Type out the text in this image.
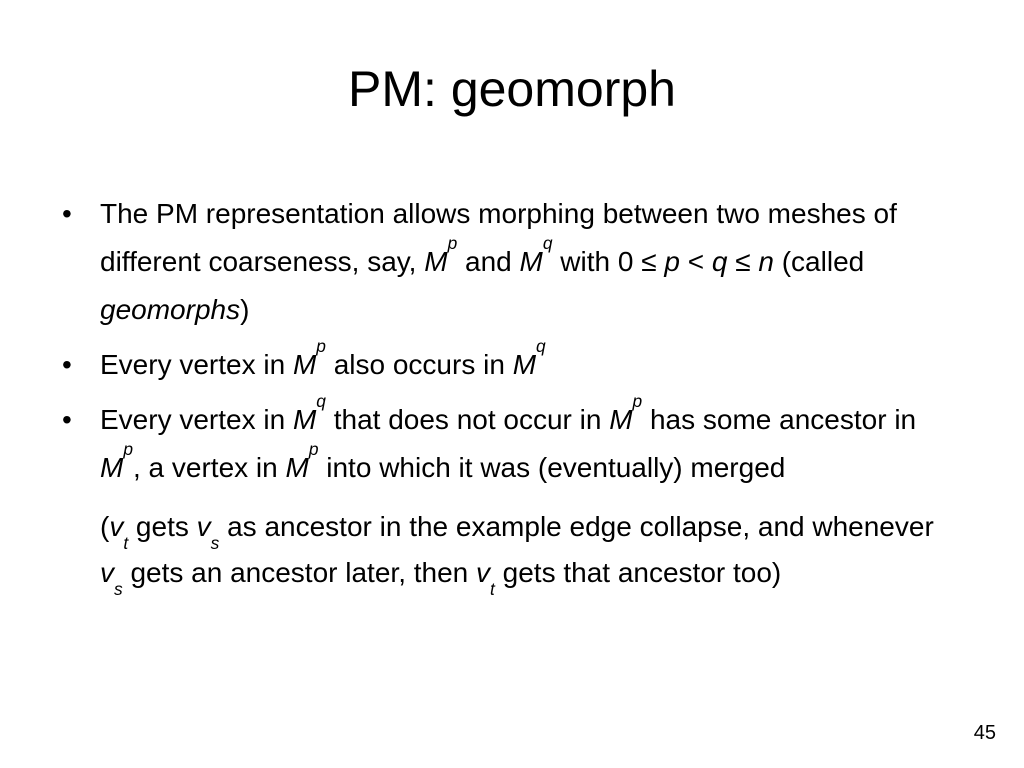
PM: geomorph
•	The PM representation allows morphing between two meshes of different coarseness, say, $M^p$ and $M^q$ with 0 ≤ p < q ≤ n (called geomorphs)
•	Every vertex in $M^p$ also occurs in $M^q$
•	Every vertex in $M^q$ that does not occur in $M^p$ has some ancestor in $M^p$, a vertex in $M^p$ into which it was (eventually) merged
($v_t$ gets $v_s$ as ancestor in the example edge collapse, and whenever $v_s$ gets an ancestor later, then $v_t$ gets that ancestor too)
45
